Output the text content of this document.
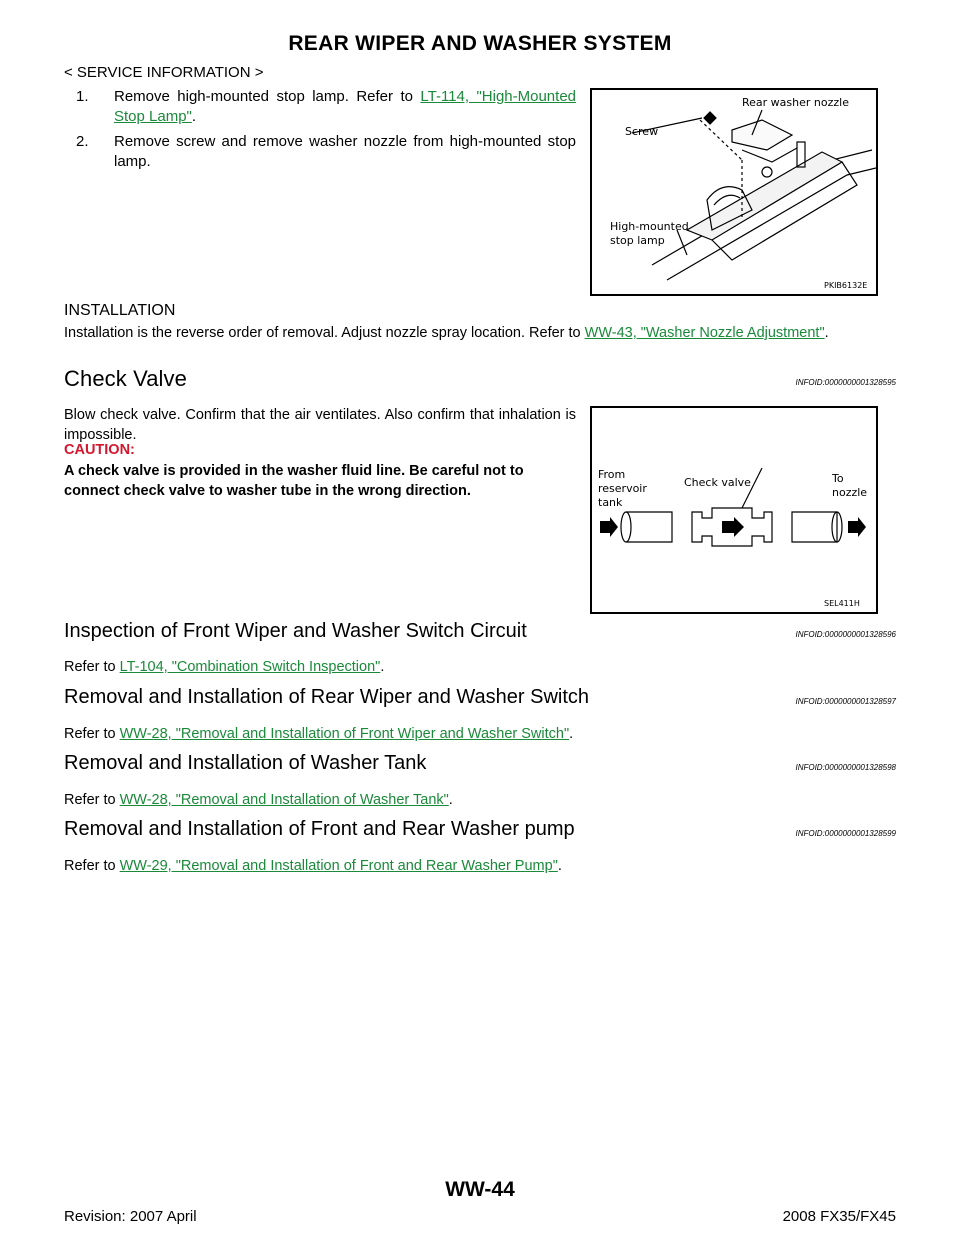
REAR WIPER AND WASHER SYSTEM
< SERVICE INFORMATION >
1.	Remove high-mounted stop lamp. Refer to LT-114, "High-Mounted Stop Lamp".
2.	Remove screw and remove washer nozzle from high-mounted stop lamp.
Rear washer nozzle
Screw
High-mounted
stop lamp
PKIB6132E
INSTALLATION
Installation is the reverse order of removal. Adjust nozzle spray location. Refer to WW-43, "Washer Nozzle Adjustment".
Check Valve	INFOID:0000000001328595
Blow check valve. Confirm that the air ventilates. Also confirm that inhalation is impossible.
CAUTION:
A check valve is provided in the washer fluid line. Be careful not to connect check valve to washer tube in the wrong direction.
From
reservoir
tank
Check valve	To
nozzle
SEL411H
Inspection of Front Wiper and Washer Switch Circuit	INFOID:0000000001328596
Refer to LT-104, "Combination Switch Inspection".
Removal and Installation of Rear Wiper and Washer Switch	INFOID:0000000001328597
Refer to WW-28, "Removal and Installation of Front Wiper and Washer Switch".
Removal and Installation of Washer Tank	INFOID:0000000001328598
Refer to WW-28, "Removal and Installation of Washer Tank".
Removal and Installation of Front and Rear Washer pump	INFOID:0000000001328599
Refer to WW-29, "Removal and Installation of Front and Rear Washer Pump".
WW-44
Revision: 2007 April	2008 FX35/FX45
